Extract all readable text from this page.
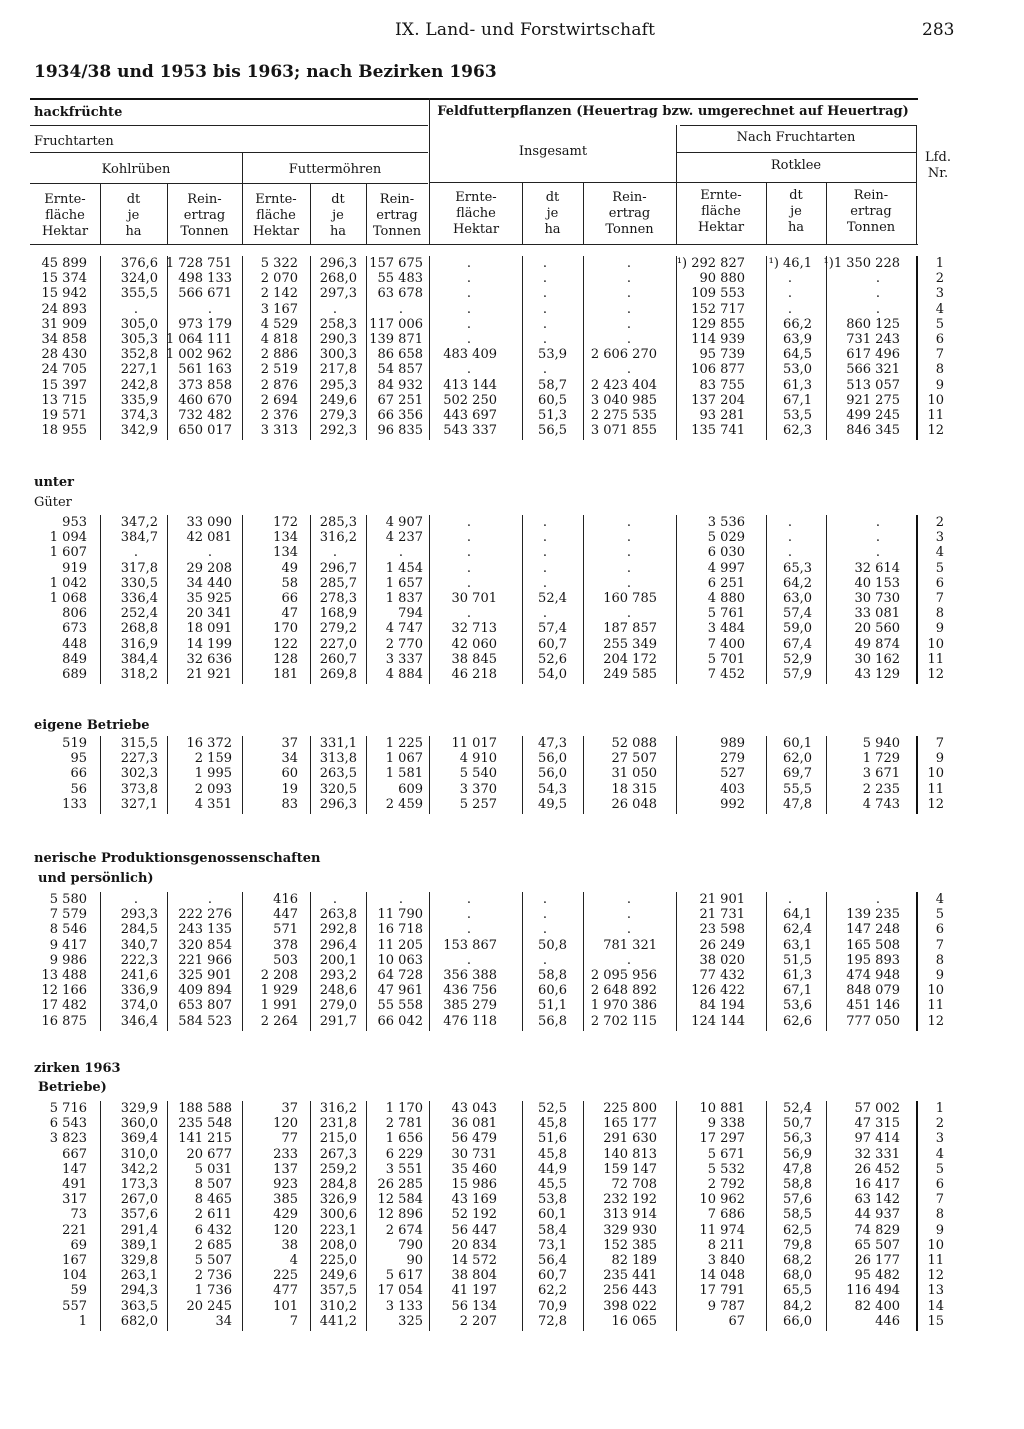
IX. Land- und Forstwirtschaft	283
1934/38 und 1953 bis 1963; nach Bezirken 1963
hackfrüchte
Fruchtarten
Kohlrüben	Futtermöhren
Feldfutterpflanzen (Heuertrag bzw. umgerechnet auf Heuertrag)
Insgesamt
Nach Fruchtarten
Rotklee
Lfd.
Nr.
Ernte-
fläche
Hektar
dt
je
ha
Rein-
ertrag
Tonnen
Ernte-
fläche
Hektar
dt
je
ha
Rein-
ertrag
Tonnen
Ernte-
fläche
Hektar
dt
je
ha
Rein-
ertrag
Tonnen
Ernte-
fläche
Hektar
dt
je
ha
Rein-
ertrag
Tonnen
unter
Güter
eigene Betriebe
nerische Produktionsgenossenschaften
und persönlich)
zirken 1963
Betriebe)
45 899
15 374
15 942
24 893
31 909
34 858
28 430
24 705
15 397
13 715
19 571
18 955
376,6
324,0
355,5
.
305,0
305,3
352,8
227,1
242,8
335,9
374,3
342,9
1 728 751
498 133
566 671
.
973 179
1 064 111
1 002 962
561 163
373 858
460 670
732 482
650 017
5 322
2 070
2 142
3 167
4 529
4 818
2 886
2 519
2 876
2 694
2 376
3 313
296,3
268,0
297,3
.
258,3
290,3
300,3
217,8
295,3
249,6
279,3
292,3
157 675
55 483
63 678
.
117 006
139 871
86 658
54 857
84 932
67 251
66 356
96 835
.
.
.
.
.
.
483 409
.
413 144
502 250
443 697
543 337
.
.
.
.
.
.
53,9
.
58,7
60,5
51,3
56,5
.
.
.
.
.
.
2 606 270
.
2 423 404
3 040 985
2 275 535
3 071 855
¹) 292 827
90 880
109 553
152 717
129 855
114 939
95 739
106 877
83 755
137 204
93 281
135 741
¹) 46,1
.
.
.
66,2
63,9
64,5
53,0
61,3
67,1
53,5
62,3
¹)1 350 228
.
.
.
860 125
731 243
617 496
566 321
513 057
921 275
499 245
846 345
1
2
3
4
5
6
7
8
9
10
11
12
953
1 094
1 607
919
1 042
1 068
806
673
448
849
689
347,2
384,7
.
317,8
330,5
336,4
252,4
268,8
316,9
384,4
318,2
33 090
42 081
.
29 208
34 440
35 925
20 341
18 091
14 199
32 636
21 921
172
134
134
49
58
66
47
170
122
128
181
285,3
316,2
.
296,7
285,7
278,3
168,9
279,2
227,0
260,7
269,8
4 907
4 237
.
1 454
1 657
1 837
794
4 747
2 770
3 337
4 884
.
.
.
.
.
30 701
.
32 713
42 060
38 845
46 218
.
.
.
.
.
52,4
.
57,4
60,7
52,6
54,0
.
.
.
.
.
160 785
.
187 857
255 349
204 172
249 585
3 536
5 029
6 030
4 997
6 251
4 880
5 761
3 484
7 400
5 701
7 452
.
.
.
65,3
64,2
63,0
57,4
59,0
67,4
52,9
57,9
.
.
.
32 614
40 153
30 730
33 081
20 560
49 874
30 162
43 129
2
3
4
5
6
7
8
9
10
11
12
519
95
66
56
133
315,5
227,3
302,3
373,8
327,1
16 372
2 159
1 995
2 093
4 351
37
34
60
19
83
331,1
313,8
263,5
320,5
296,3
1 225
1 067
1 581
609
2 459
11 017
4 910
5 540
3 370
5 257
47,3
56,0
56,0
54,3
49,5
52 088
27 507
31 050
18 315
26 048
989
279
527
403
992
60,1
62,0
69,7
55,5
47,8
5 940
1 729
3 671
2 235
4 743
7
9
10
11
12
5 580
7 579
8 546
9 417
9 986
13 488
12 166
17 482
16 875
.
293,3
284,5
340,7
222,3
241,6
336,9
374,0
346,4
.
222 276
243 135
320 854
221 966
325 901
409 894
653 807
584 523
416
447
571
378
503
2 208
1 929
1 991
2 264
.
263,8
292,8
296,4
200,1
293,2
248,6
279,0
291,7
.
11 790
16 718
11 205
10 063
64 728
47 961
55 558
66 042
.
.
.
153 867
.
356 388
436 756
385 279
476 118
.
.
.
50,8
.
58,8
60,6
51,1
56,8
.
.
.
781 321
.
2 095 956
2 648 892
1 970 386
2 702 115
21 901
21 731
23 598
26 249
38 020
77 432
126 422
84 194
124 144
.
64,1
62,4
63,1
51,5
61,3
67,1
53,6
62,6
.
139 235
147 248
165 508
195 893
474 948
848 079
451 146
777 050
4
5
6
7
8
9
10
11
12
5 716
6 543
3 823
667
147
491
317
73
221
69
167
104
59
557
1
329,9
360,0
369,4
310,0
342,2
173,3
267,0
357,6
291,4
389,1
329,8
263,1
294,3
363,5
682,0
188 588
235 548
141 215
20 677
5 031
8 507
8 465
2 611
6 432
2 685
5 507
2 736
1 736
20 245
34
37
120
77
233
137
923
385
429
120
38
4
225
477
101
7
316,2
231,8
215,0
267,3
259,2
284,8
326,9
300,6
223,1
208,0
225,0
249,6
357,5
310,2
441,2
1 170
2 781
1 656
6 229
3 551
26 285
12 584
12 896
2 674
790
90
5 617
17 054
3 133
325
43 043
36 081
56 479
30 731
35 460
15 986
43 169
52 192
56 447
20 834
14 572
38 804
41 197
56 134
2 207
52,5
45,8
51,6
45,8
44,9
45,5
53,8
60,1
58,4
73,1
56,4
60,7
62,2
70,9
72,8
225 800
165 177
291 630
140 813
159 147
72 708
232 192
313 914
329 930
152 385
82 189
235 441
256 443
398 022
16 065
10 881
9 338
17 297
5 671
5 532
2 792
10 962
7 686
11 974
8 211
3 840
14 048
17 791
9 787
67
52,4
50,7
56,3
56,9
47,8
58,8
57,6
58,5
62,5
79,8
68,2
68,0
65,5
84,2
66,0
57 002
47 315
97 414
32 331
26 452
16 417
63 142
44 937
74 829
65 507
26 177
95 482
116 494
82 400
446
1
2
3
4
5
6
7
8
9
10
11
12
13
14
15
